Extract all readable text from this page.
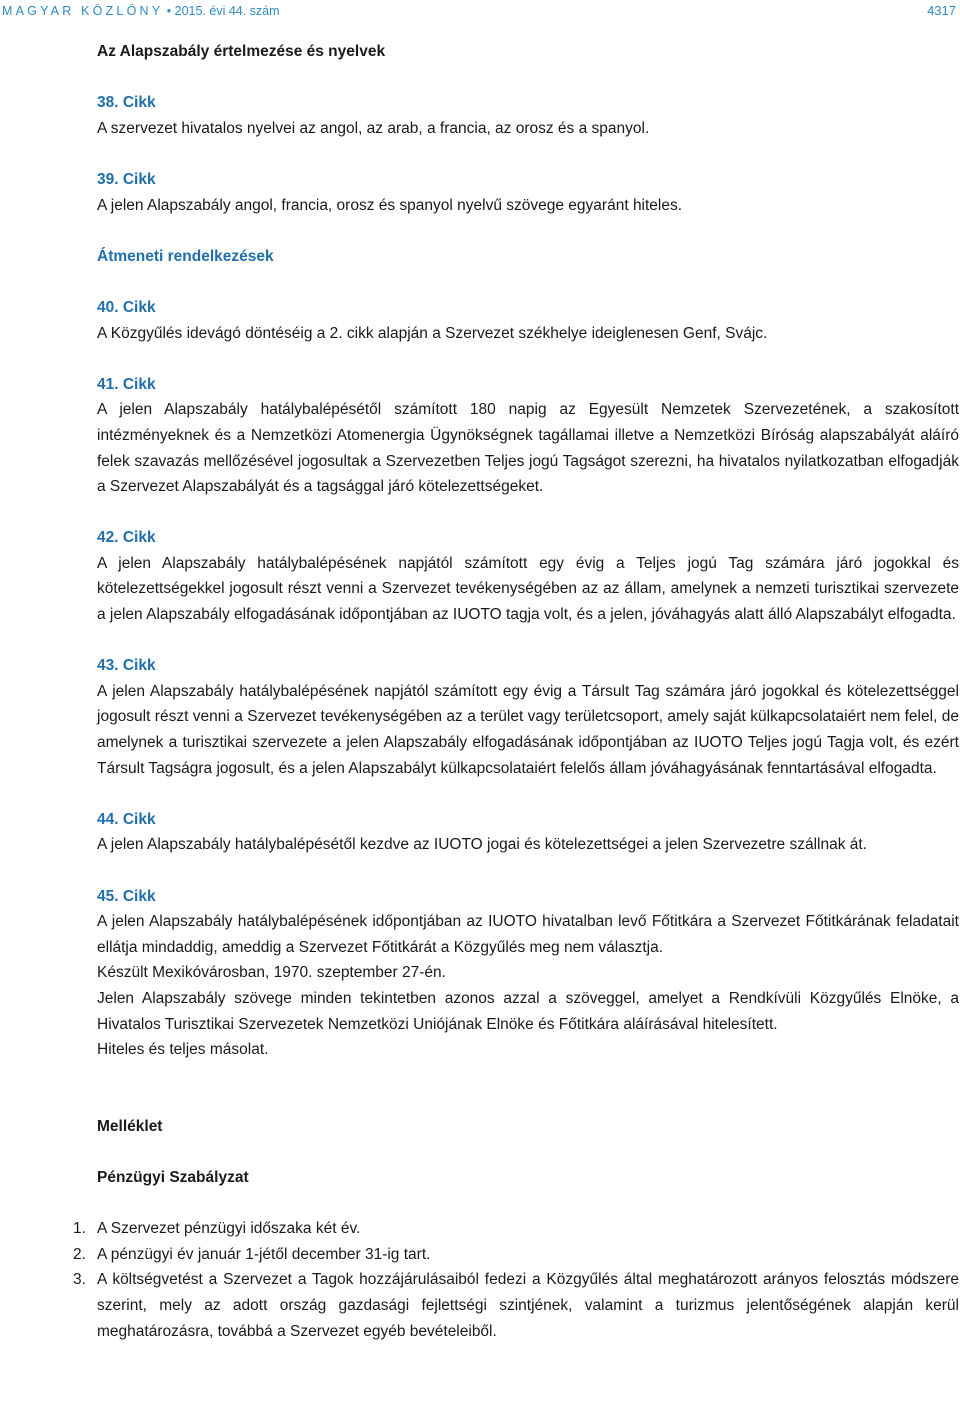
MAGYAR KÖZLÖNY • 2015. évi 44. szám	4317

Az Alapszabály értelmezése és nyelvek

38. Cikk

A szervezet hivatalos nyelvei az angol, az arab, a francia, az orosz és a spanyol.

39. Cikk

A jelen Alapszabály angol, francia, orosz és spanyol nyelvű szövege egyaránt hiteles.

Átmeneti rendelkezések

40. Cikk

A Közgyűlés idevágó döntéséig a 2. cikk alapján a Szervezet székhelye ideiglenesen Genf, Svájc.

41. Cikk

A jelen Alapszabály hatálybalépésétől számított 180 napig az Egyesült Nemzetek Szervezetének, a szakosított intézményeknek és a Nemzetközi Atomenergia Ügynökségnek tagállamai illetve a Nemzetközi Bíróság alapszabályát aláíró felek szavazás mellőzésével jogosultak a Szervezetben Teljes jogú Tagságot szerezni, ha hivatalos nyilatkozatban elfogadják a Szervezet Alapszabályát és a tagsággal járó kötelezettségeket.

42. Cikk

A jelen Alapszabály hatálybalépésének napjától számított egy évig a Teljes jogú Tag számára járó jogokkal és kötelezettségekkel jogosult részt venni a Szervezet tevékenységében az az állam, amelynek a nemzeti turisztikai szervezete a jelen Alapszabály elfogadásának időpontjában az IUOTO tagja volt, és a jelen, jóváhagyás alatt álló Alapszabályt elfogadta.

43. Cikk

A jelen Alapszabály hatálybalépésének napjától számított egy évig a Társult Tag számára járó jogokkal és kötelezettséggel jogosult részt venni a Szervezet tevékenységében az a terület vagy területcsoport, amely saját külkapcsolataiért nem felel, de amelynek a turisztikai szervezete a jelen Alapszabály elfogadásának időpontjában az IUOTO Teljes jogú Tagja volt, és ezért Társult Tagságra jogosult, és a jelen Alapszabályt külkapcsolataiért felelős állam jóváhagyásának fenntartásával elfogadta.

44. Cikk

A jelen Alapszabály hatálybalépésétől kezdve az IUOTO jogai és kötelezettségei a jelen Szervezetre szállnak át.

45. Cikk

A jelen Alapszabály hatálybalépésének időpontjában az IUOTO hivatalban levő Főtitkára a Szervezet Főtitkárának feladatait ellátja mindaddig, ameddig a Szervezet Főtitkárát a Közgyűlés meg nem választja.

Készült Mexikóvárosban, 1970. szeptember 27-én.

Jelen Alapszabály szövege minden tekintetben azonos azzal a szöveggel, amelyet a Rendkívüli Közgyűlés Elnöke, a Hivatalos Turisztikai Szervezetek Nemzetközi Uniójának Elnöke és Főtitkára aláírásával hitelesített.

Hiteles és teljes másolat.

Melléklet

Pénzügyi Szabályzat

1. A Szervezet pénzügyi időszaka két év.
2. A pénzügyi év január 1-jétől december 31-ig tart.
3. A költségvetést a Szervezet a Tagok hozzájárulásaiból fedezi a Közgyűlés által meghatározott arányos felosztás módszere szerint, mely az adott ország gazdasági fejlettségi szintjének, valamint a turizmus jelentőségének alapján kerül meghatározásra, továbbá a Szervezet egyéb bevételeiből.
